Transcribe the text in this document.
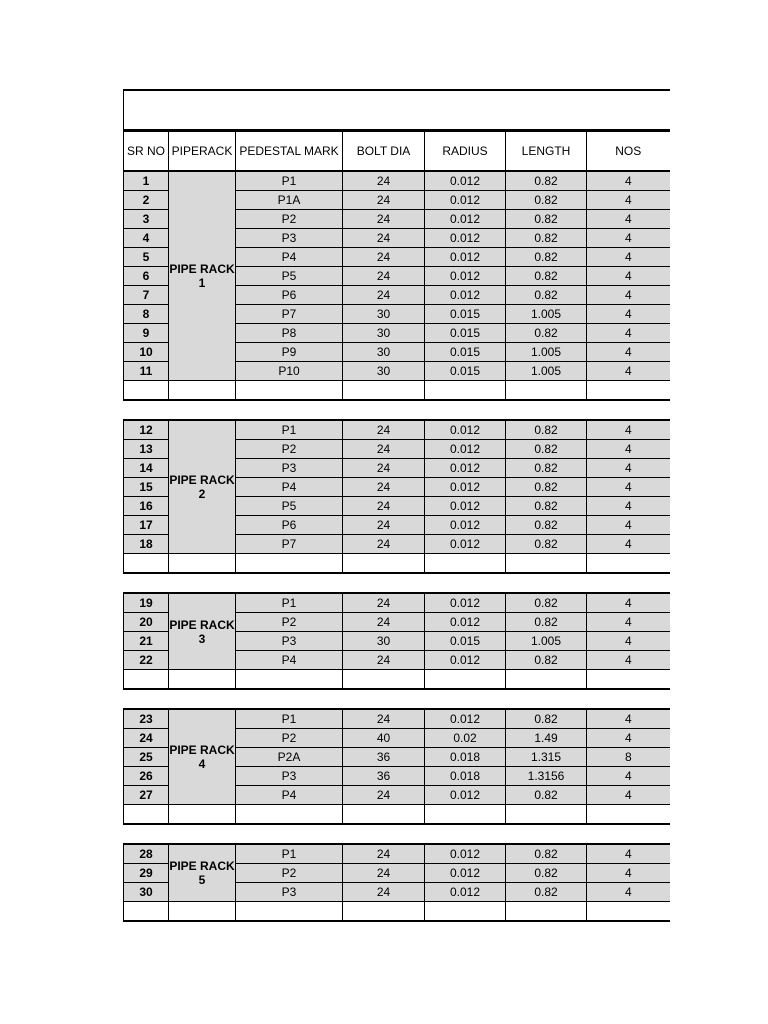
SR NO	PIPERACK	PEDESTAL MARK	BOLT DIA	RADIUS	LENGTH	NOS
1	PIPE RACK 1	P1	24	0.012	0.82	4
2		P1A	24	0.012	0.82	4
3		P2	24	0.012	0.82	4
4		P3	24	0.012	0.82	4
5		P4	24	0.012	0.82	4
6		P5	24	0.012	0.82	4
7		P6	24	0.012	0.82	4
8		P7	30	0.015	1.005	4
9		P8	30	0.015	0.82	4
10		P9	30	0.015	1.005	4
11		P10	30	0.015	1.005	4

12	PIPE RACK 2	P1	24	0.012	0.82	4
13		P2	24	0.012	0.82	4
14		P3	24	0.012	0.82	4
15		P4	24	0.012	0.82	4
16		P5	24	0.012	0.82	4
17		P6	24	0.012	0.82	4
18		P7	24	0.012	0.82	4

19	PIPE RACK 3	P1	24	0.012	0.82	4
20		P2	24	0.012	0.82	4
21		P3	30	0.015	1.005	4
22		P4	24	0.012	0.82	4

23	PIPE RACK 4	P1	24	0.012	0.82	4
24		P2	40	0.02	1.49	4
25		P2A	36	0.018	1.315	8
26		P3	36	0.018	1.3156	4
27		P4	24	0.012	0.82	4

28	PIPE RACK 5	P1	24	0.012	0.82	4
29		P2	24	0.012	0.82	4
30		P3	24	0.012	0.82	4
